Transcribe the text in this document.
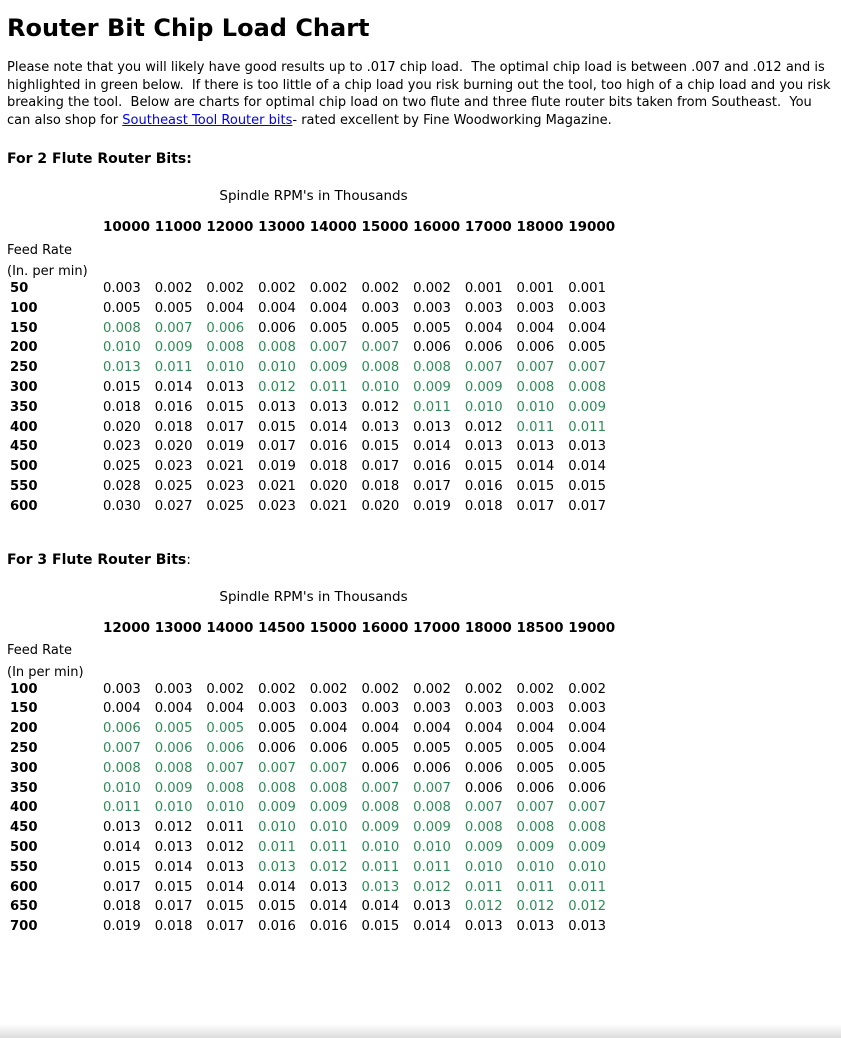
Router Bit Chip Load Chart

Please note that you will likely have good results up to .017 chip load.  The optimal chip load is between .007 and .012 and is highlighted in green below.  If there is too little of a chip load you risk burning out the tool, too high of a chip load and you risk breaking the tool.  Below are charts for optimal chip load on two flute and three flute router bits taken from Southeast.  You can also shop for Southeast Tool Router bits- rated excellent by Fine Woodworking Magazine.

For 2 Flute Router Bits:
Spindle RPM's in Thousands
	10000	11000	12000	13000	14000	15000	16000	17000	18000	19000
Feed Rate										
(In. per min)										
50	0.003	0.002	0.002	0.002	0.002	0.002	0.002	0.001	0.001	0.001
100	0.005	0.005	0.004	0.004	0.004	0.003	0.003	0.003	0.003	0.003
150	0.008	0.007	0.006	0.006	0.005	0.005	0.005	0.004	0.004	0.004
200	0.010	0.009	0.008	0.008	0.007	0.007	0.006	0.006	0.006	0.005
250	0.013	0.011	0.010	0.010	0.009	0.008	0.008	0.007	0.007	0.007
300	0.015	0.014	0.013	0.012	0.011	0.010	0.009	0.009	0.008	0.008
350	0.018	0.016	0.015	0.013	0.013	0.012	0.011	0.010	0.010	0.009
400	0.020	0.018	0.017	0.015	0.014	0.013	0.013	0.012	0.011	0.011
450	0.023	0.020	0.019	0.017	0.016	0.015	0.014	0.013	0.013	0.013
500	0.025	0.023	0.021	0.019	0.018	0.017	0.016	0.015	0.014	0.014
550	0.028	0.025	0.023	0.021	0.020	0.018	0.017	0.016	0.015	0.015
600	0.030	0.027	0.025	0.023	0.021	0.020	0.019	0.018	0.017	0.017
For 3 Flute Router Bits:
Spindle RPM's in Thousands
	12000	13000	14000	14500	15000	16000	17000	18000	18500	19000
Feed Rate										
(In per min)										
100	0.003	0.003	0.002	0.002	0.002	0.002	0.002	0.002	0.002	0.002
150	0.004	0.004	0.004	0.003	0.003	0.003	0.003	0.003	0.003	0.003
200	0.006	0.005	0.005	0.005	0.004	0.004	0.004	0.004	0.004	0.004
250	0.007	0.006	0.006	0.006	0.006	0.005	0.005	0.005	0.005	0.004
300	0.008	0.008	0.007	0.007	0.007	0.006	0.006	0.006	0.005	0.005
350	0.010	0.009	0.008	0.008	0.008	0.007	0.007	0.006	0.006	0.006
400	0.011	0.010	0.010	0.009	0.009	0.008	0.008	0.007	0.007	0.007
450	0.013	0.012	0.011	0.010	0.010	0.009	0.009	0.008	0.008	0.008
500	0.014	0.013	0.012	0.011	0.011	0.010	0.010	0.009	0.009	0.009
550	0.015	0.014	0.013	0.013	0.012	0.011	0.011	0.010	0.010	0.010
600	0.017	0.015	0.014	0.014	0.013	0.013	0.012	0.011	0.011	0.011
650	0.018	0.017	0.015	0.015	0.014	0.014	0.013	0.012	0.012	0.012
700	0.019	0.018	0.017	0.016	0.016	0.015	0.014	0.013	0.013	0.013
